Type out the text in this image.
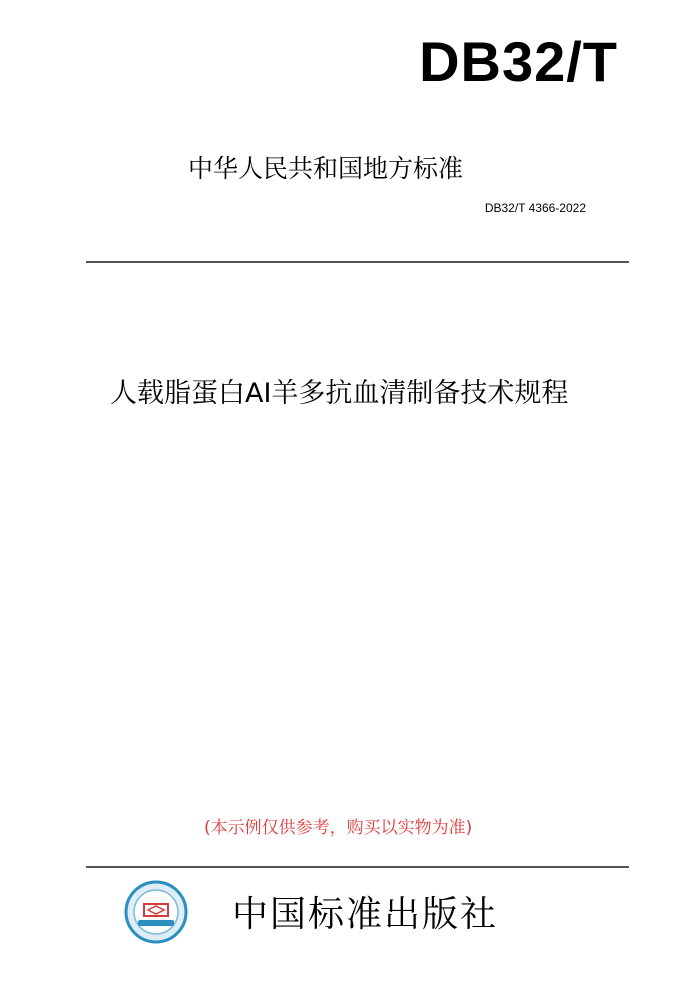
DB32/T
中华人民共和国地方标准
DB32/T 4366-2022
人载脂蛋白AI羊多抗血清制备技术规程
(本示例仅供参考，购买以实物为准)
中国标准出版社
